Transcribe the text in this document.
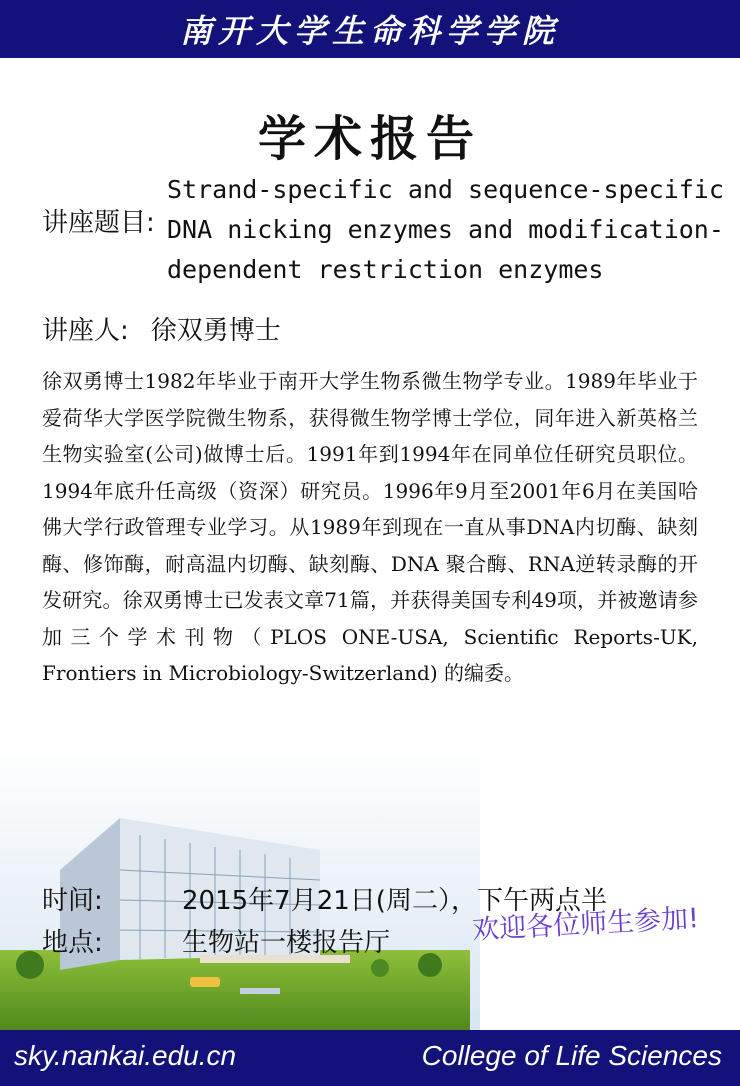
南开大学生命科学学院
学术报告
讲座题目:
Strand-specific and sequence-specific
DNA nicking enzymes and modification-
dependent restriction enzymes
讲座人: 徐双勇博士
徐双勇博士1982年毕业于南开大学生物系微生物学专业。1989年毕业于爱荷华大学医学院微生物系，获得微生物学博士学位，同年进入新英格兰生物实验室(公司)做博士后。1991年到1994年在同单位任研究员职位。1994年底升任高级（资深）研究员。1996年9月至2001年6月在美国哈佛大学行政管理专业学习。从1989年到现在一直从事DNA内切酶、缺刻酶、修饰酶，耐高温内切酶、缺刻酶、DNA 聚合酶、RNA逆转录酶的开发研究。徐双勇博士已发表文章71篇，并获得美国专利49项，并被邀请参加三个学术刊物（PLOS ONE-USA, Scientific Reports-UK, Frontiers in Microbiology-Switzerland) 的编委。
时间:	2015年7月21日(周二），下午两点半
地点:	生物站一楼报告厅	欢迎各位师生参加!
sky.nankai.edu.cn	College of Life Sciences
